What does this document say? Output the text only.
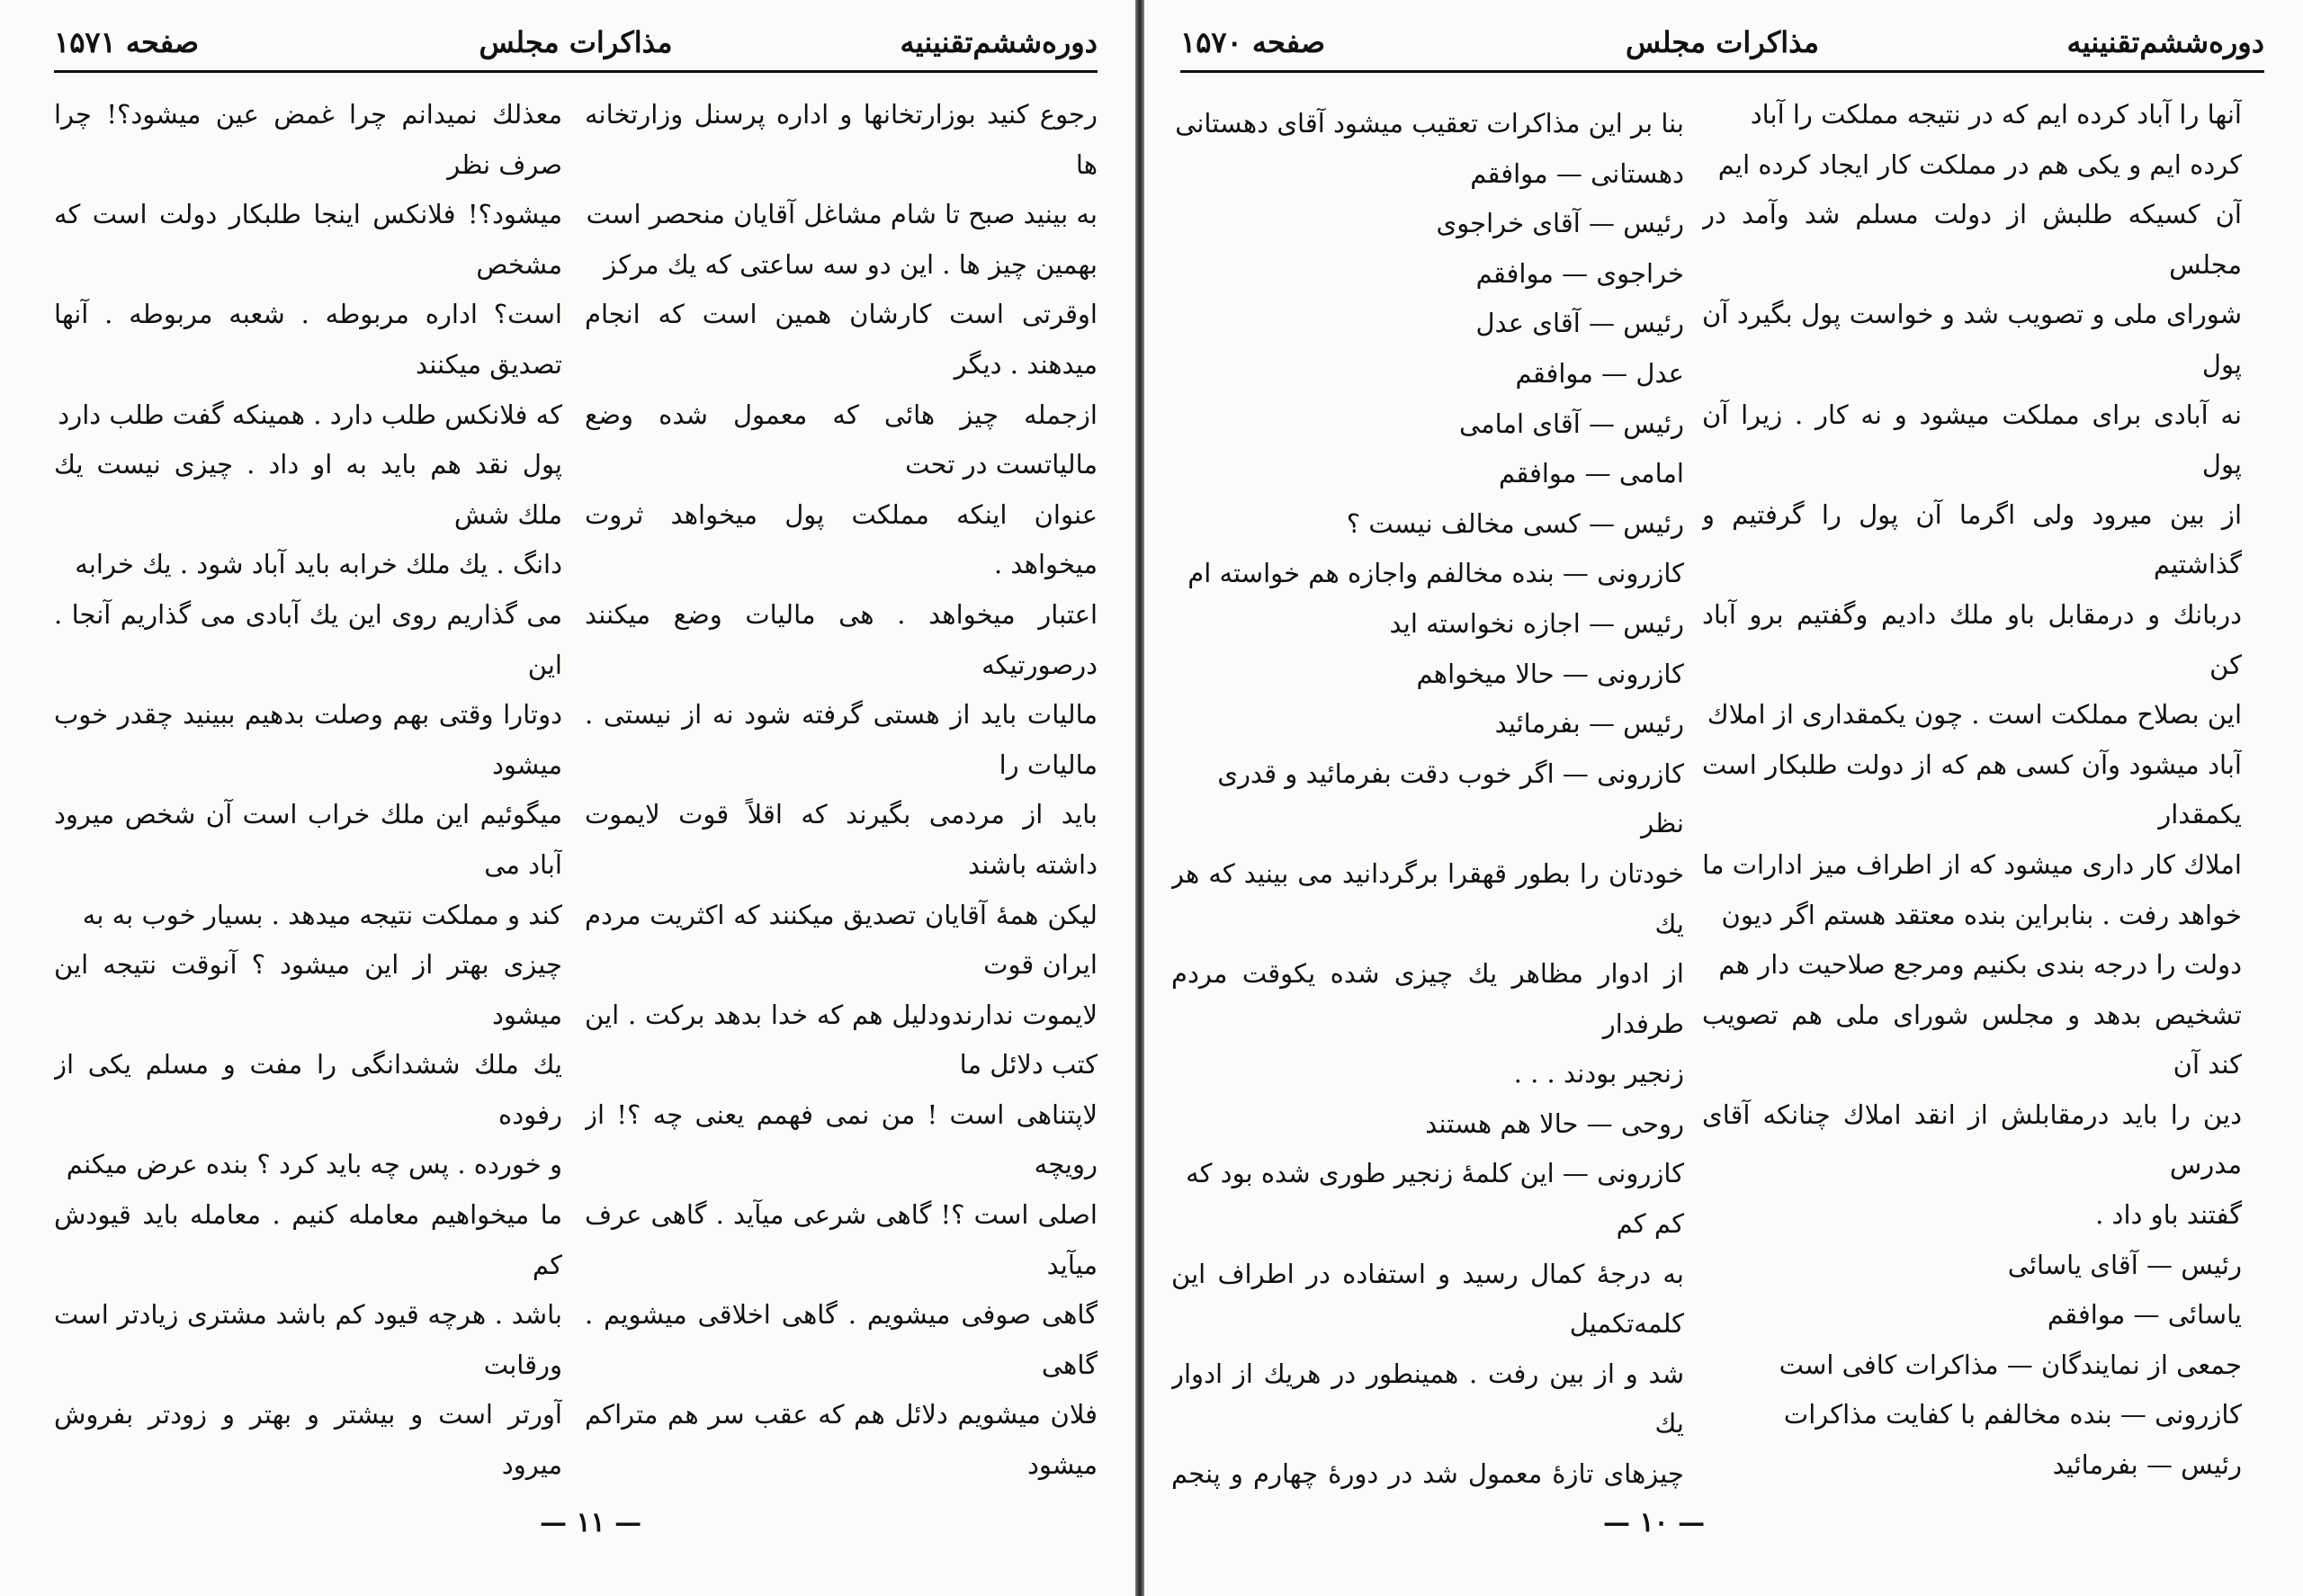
دوره‌ششم‌تقنینیه
مذاکرات مجلس
صفحه ۱۵۷۱

رجوع کنید بوزارتخانها و اداره پرسنل وزارتخانه ها

به بینید صبح تا شام مشاغل آقایان منحصر است

بهمین چیز ها . این دو سه ساعتی که یك مرکز

اوقرتی است کارشان همین است که انجام میدهند . دیگر

ازجمله چیز هائی که معمول شده وضع مالیاتست در تحت

عنوان اینکه مملکت پول میخواهد ثروت میخواهد .

اعتبار میخواهد . هی مالیات وضع میکنند درصورتیکه

مالیات باید از هستی گرفته شود نه از نیستی . مالیات را

باید از مردمی بگیرند که اقلاً قوت لایموت داشته باشند

لیکن همهٔ آقایان تصدیق میکنند که اکثریت مردم ایران قوت

لایموت ندارندودلیل هم که خدا بدهد برکت . این کتب دلائل ما

لاپتناهی است ! من نمی فهمم یعنی چه ؟! از رویچه

اصلی است ؟! گاهی شرعی میآید . گاهی عرف میآید

گاهی صوفی میشویم . گاهی اخلاقی میشویم . گاهی

فلان میشویم دلائل هم که عقب سر هم متراکم میشود

معذلك نمیدانم چرا غمض عین میشود؟! چرا صرف نظر

میشود؟! فلانکس اینجا طلبکار دولت است که مشخص

است؟ اداره مربوطه . شعبه مربوطه . آنها تصدیق میکنند

که فلانکس طلب دارد . همینکه گفت طلب دارد

پول نقد هم باید به او داد . چیزی نیست یك ملك شش

دانگ . یك ملك خرابه باید آباد شود . یك خرابه

می گذاریم روی این یك آبادی می گذاریم آنجا . این

دوتارا وقتی بهم وصلت بدهیم ببینید چقدر خوب میشود

میگوئیم این ملك خراب است آن شخص میرود آباد می

کند و مملکت نتیجه میدهد . بسیار خوب به به

چیزی بهتر از این میشود ؟ آنوقت نتیجه این میشود

یك ملك ششدانگی را مفت و مسلم یکی از رفوده

و خورده . پس چه باید کرد ؟ بنده عرض میکنم

ما میخواهیم معامله کنیم . معامله باید قیودش کم

باشد . هرچه قیود کم باشد مشتری زیادتر است ورقابت

آورتر است و بیشتر و بهتر و زودتر بفروش میرود

— ۱۱ —
دوره‌ششم‌تقنینیه
مذاکرات مجلس
صفحه ۱۵۷۰

آنها را آباد کرده ایم که در نتیجه مملکت را آباد

کرده ایم و یکی هم در مملکت کار ایجاد کرده ایم

آن کسیکه طلبش از دولت مسلم شد وآمد در مجلس

شورای ملی و تصویب شد و خواست پول بگیرد آن پول

نه آبادی برای مملکت میشود و نه کار . زیرا آن پول

از بین میرود ولی اگرما آن پول را گرفتیم و گذاشتیم

دربانك و درمقابل باو ملك دادیم وگفتیم برو آباد کن

این بصلاح مملکت است . چون یکمقداری از املاك

آباد میشود وآن کسی هم که از دولت طلبکار است یکمقدار

املاك کار داری میشود که از اطراف میز ادارات ما

خواهد رفت . بنابراین بنده معتقد هستم اگر دیون

دولت را درجه بندی بکنیم ومرجع صلاحیت دار هم

تشخیص بدهد و مجلس شورای ملی هم تصویب کند آن

دین را باید درمقابلش از انقد املاك چنانکه آقای مدرس

گفتند باو داد .

رئیس — آقای یاسائی

یاسائی — موافقم

جمعی از نمایندگان — مذاکرات کافی است

کازرونی — بنده مخالفم با کفایت مذاکرات

رئیس — بفرمائید

بنا بر این مذاکرات تعقیب میشود آقای دهستانی

دهستانی — موافقم

رئیس — آقای خراجوی

خراجوی — موافقم

رئیس — آقای عدل

عدل — موافقم

رئیس — آقای امامی

امامی — موافقم

رئیس — کسی مخالف نیست ؟

کازرونی — بنده مخالفم واجازه هم خواسته ام

رئیس — اجازه نخواسته اید

کازرونی — حالا میخواهم

رئیس — بفرمائید

کازرونی — اگر خوب دقت بفرمائید و قدری نظر

خودتان را بطور قهقرا برگردانید می بینید که هر یك

از ادوار مظاهر یك چیزی شده یکوقت مردم طرفدار

زنجیر بودند . . .

روحی — حالا هم هستند

کازرونی — این کلمهٔ زنجیر طوری شده بود که کم کم

به درجهٔ کمال رسید و استفاده در اطراف این کلمه‌تکمیل

شد و از بین رفت . همینطور در هریك از ادوار یك

چیزهای تازهٔ معمول شد در دورهٔ چهارم و پنجم

— ۱۰ —
